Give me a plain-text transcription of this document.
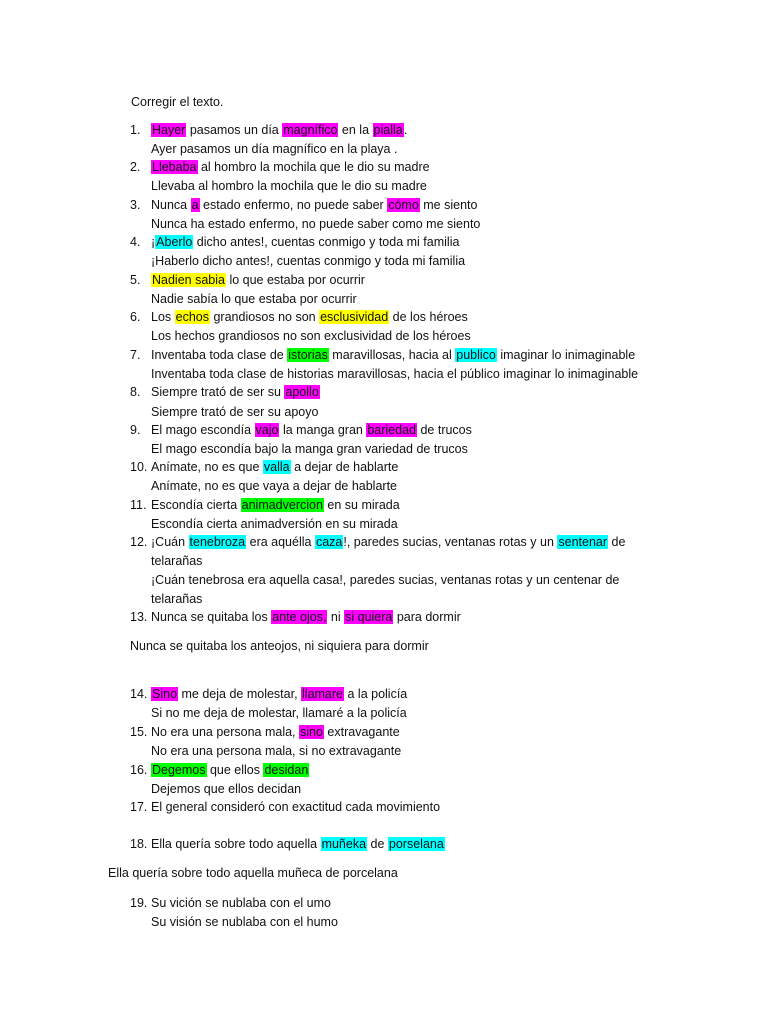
Corregir el texto.
1. Hayer pasamos un día magnífico en la pialla.
Ayer pasamos un día magnífico en la playa .
2. Llebaba al hombro la mochila que le dio su madre
Llevaba al hombro la mochila que le dio su madre
3. Nunca a estado enfermo, no puede saber cómo me siento
Nunca ha estado enfermo, no puede saber como me siento
4. ¡Aberlo dicho antes!, cuentas conmigo y toda mi familia
¡Haberlo dicho antes!, cuentas conmigo y toda mi familia
5. Nadien sabia lo que estaba por ocurrir
Nadie sabía lo que estaba por ocurrir
6. Los echos grandiosos no son esclusividad de los héroes
Los hechos grandiosos no son exclusividad de los héroes
7. Inventaba toda clase de istorias maravillosas, hacia al publico imaginar lo inimaginable
Inventaba toda clase de historias maravillosas, hacia el público imaginar lo inimaginable
8. Siempre trató de ser su apollo
Siempre trató de ser su apoyo
9. El mago escondía vajo la manga gran bariedad de trucos
El mago escondía bajo la manga gran variedad de trucos
10. Anímate, no es que valla a dejar de hablarte
Anímate, no es que vaya a dejar de hablarte
11. Escondía cierta animadvercion en su mirada
Escondía cierta animadversión en su mirada
12. ¡Cuán tenebroza era aquélla caza!, paredes sucias, ventanas rotas y un sentenar de
telarañas
¡Cuán tenebrosa era aquella casa!, paredes sucias, ventanas rotas y un centenar de
telarañas
13. Nunca se quitaba los ante ojos, ni si quiera para dormir
Nunca se quitaba los anteojos, ni siquiera para dormir
14. Sino me deja de molestar, llamare a la policía
Si no me deja de molestar, llamaré a la policía
15. No era una persona mala, sino extravagante
No era una persona mala, si no extravagante
16. Degemos que ellos desidan
Dejemos que ellos decidan
17. El general consideró con exactitud cada movimiento
18. Ella quería sobre todo aquella muñeka de porselana
Ella quería sobre todo aquella muñeca de porcelana
19. Su vición se nublaba con el umo
Su visión se nublaba con el humo
